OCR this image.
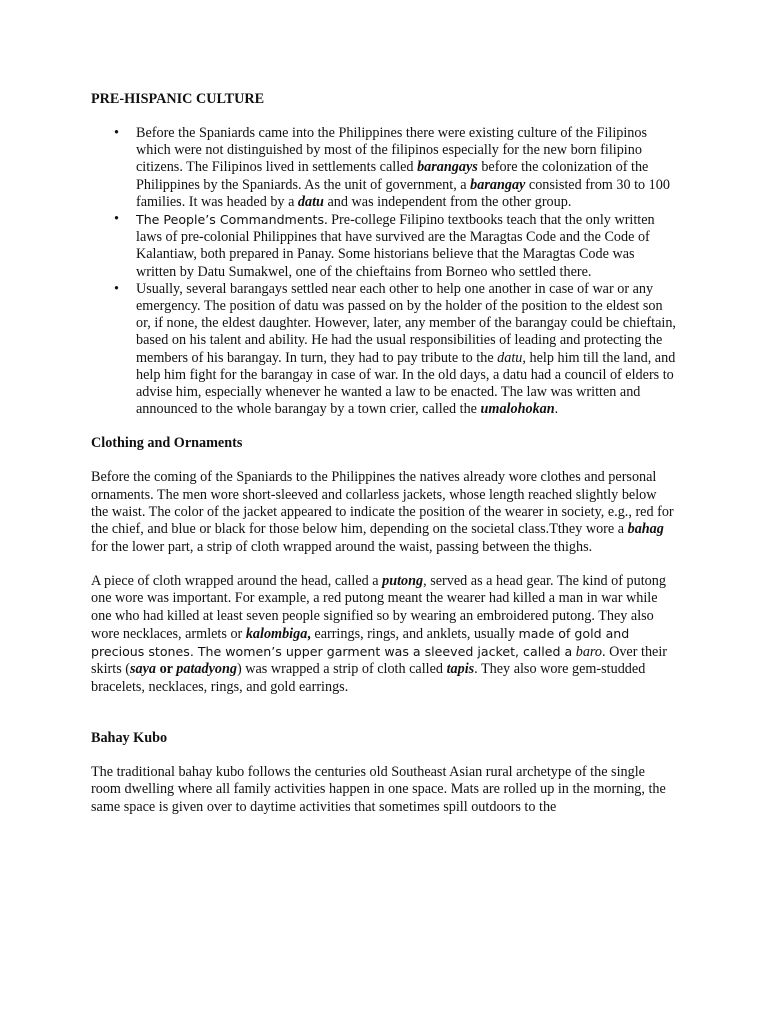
PRE-HISPANIC CULTURE
• Before the Spaniards came into the Philippines there were existing culture of the Filipinos which were not distinguished by most of the filipinos especially for the new born filipino citizens. The Filipinos lived in settlements called barangays before the colonization of the Philippines by the Spaniards. As the unit of government, a barangay consisted from 30 to 100 families. It was headed by a datu and was independent from the other group.
• The People’s Commandments. Pre-college Filipino textbooks teach that the only written laws of pre-colonial Philippines that have survived are the Maragtas Code and the Code of Kalantiaw, both prepared in Panay. Some historians believe that the Maragtas Code was written by Datu Sumakwel, one of the chieftains from Borneo who settled there.
• Usually, several barangays settled near each other to help one another in case of war or any emergency. The position of datu was passed on by the holder of the position to the eldest son or, if none, the eldest daughter. However, later, any member of the barangay could be chieftain, based on his talent and ability. He had the usual responsibilities of leading and protecting the members of his barangay. In turn, they had to pay tribute to the datu, help him till the land, and help him fight for the barangay in case of war. In the old days, a datu had a council of elders to advise him, especially whenever he wanted a law to be enacted. The law was written and announced to the whole barangay by a town crier, called the umalohokan.
Clothing and Ornaments

Before the coming of the Spaniards to the Philippines the natives already wore clothes and personal ornaments. The men wore short-sleeved and collarless jackets, whose length reached slightly below the waist. The color of the jacket appeared to indicate the position of the wearer in society, e.g., red for the chief, and blue or black for those below him, depending on the societal class.Tthey wore a bahag for the lower part, a strip of cloth wrapped around the waist, passing between the thighs.

A piece of cloth wrapped around the head, called a putong, served as a head gear. The kind of putong one wore was important. For example, a red putong meant the wearer had killed a man in war while one who had killed at least seven people signified so by wearing an embroidered putong. They also wore necklaces, armlets or kalombiga, earrings, rings, and anklets, usually made of gold and precious stones. The women’s upper garment was a sleeved jacket, called a baro. Over their skirts (saya or patadyong) was wrapped a strip of cloth called tapis. They also wore gem-studded bracelets, necklaces, rings, and gold earrings.

Bahay Kubo

The traditional bahay kubo follows the centuries old Southeast Asian rural archetype of the single room dwelling where all family activities happen in one space. Mats are rolled up in the morning, the same space is given over to daytime activities that sometimes spill outdoors to the
